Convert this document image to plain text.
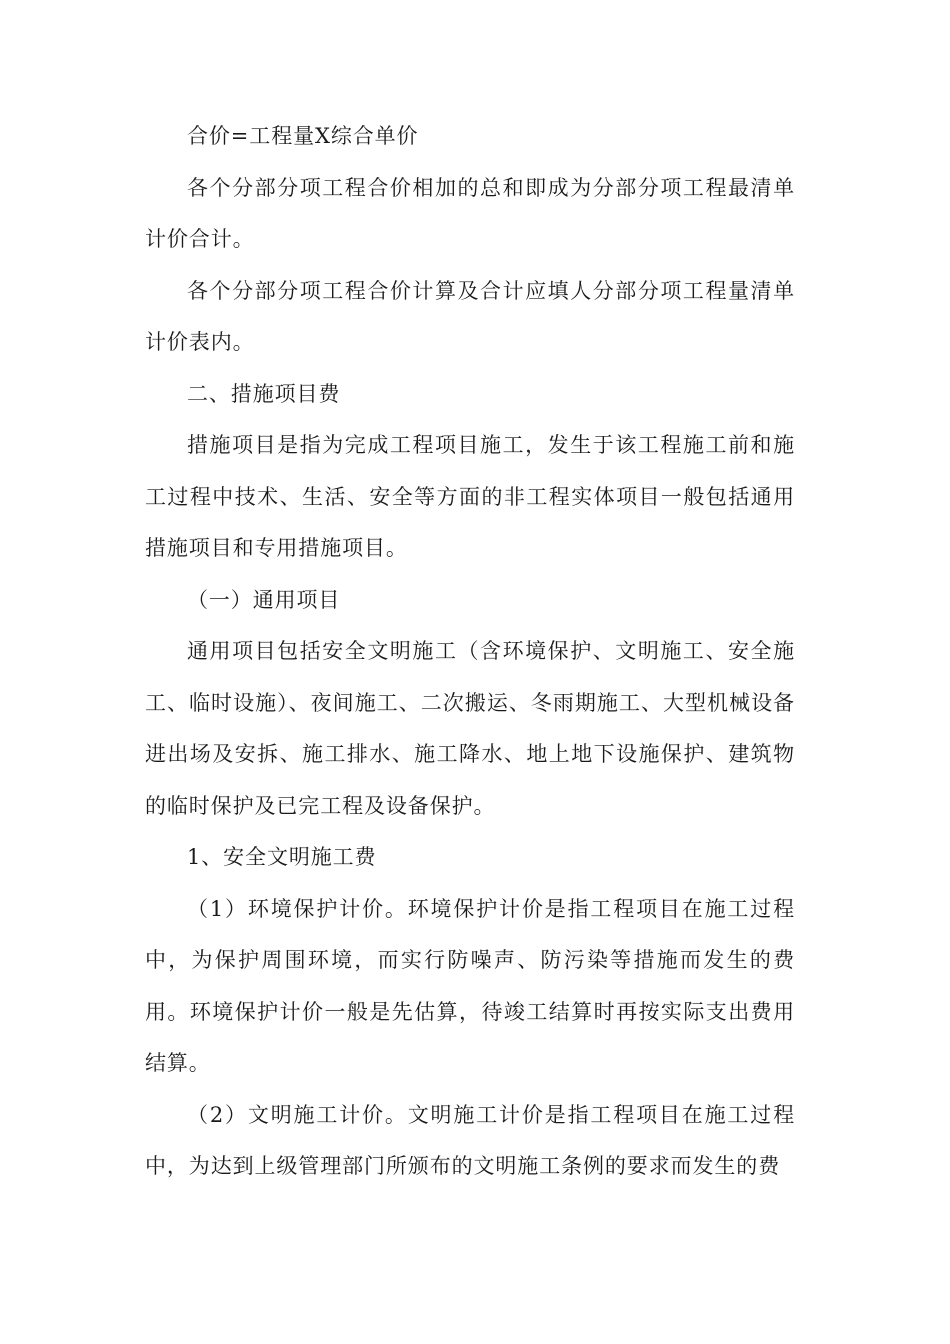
合价=工程量X综合单价

各个分部分项工程合价相加的总和即成为分部分项工程最清单计价合计。

各个分部分项工程合价计算及合计应填人分部分项工程量清单计价表内。

二、措施项目费

措施项目是指为完成工程项目施工，发生于该工程施工前和施工过程中技术、生活、安全等方面的非工程实体项目一般包括通用措施项目和专用措施项目。

（一）通用项目

通用项目包括安全文明施工（含环境保护、文明施工、安全施工、临时设施）、夜间施工、二次搬运、冬雨期施工、大型机械设备进出场及安拆、施工排水、施工降水、地上地下设施保护、建筑物的临时保护及已完工程及设备保护。

1、安全文明施工费

（1）环境保护计价。环境保护计价是指工程项目在施工过程中，为保护周围环境，而实行防噪声、防污染等措施而发生的费用。环境保护计价一般是先估算，待竣工结算时再按实际支出费用结算。

（2）文明施工计价。文明施工计价是指工程项目在施工过程中，为达到上级管理部门所颁布的文明施工条例的要求而发生的费
